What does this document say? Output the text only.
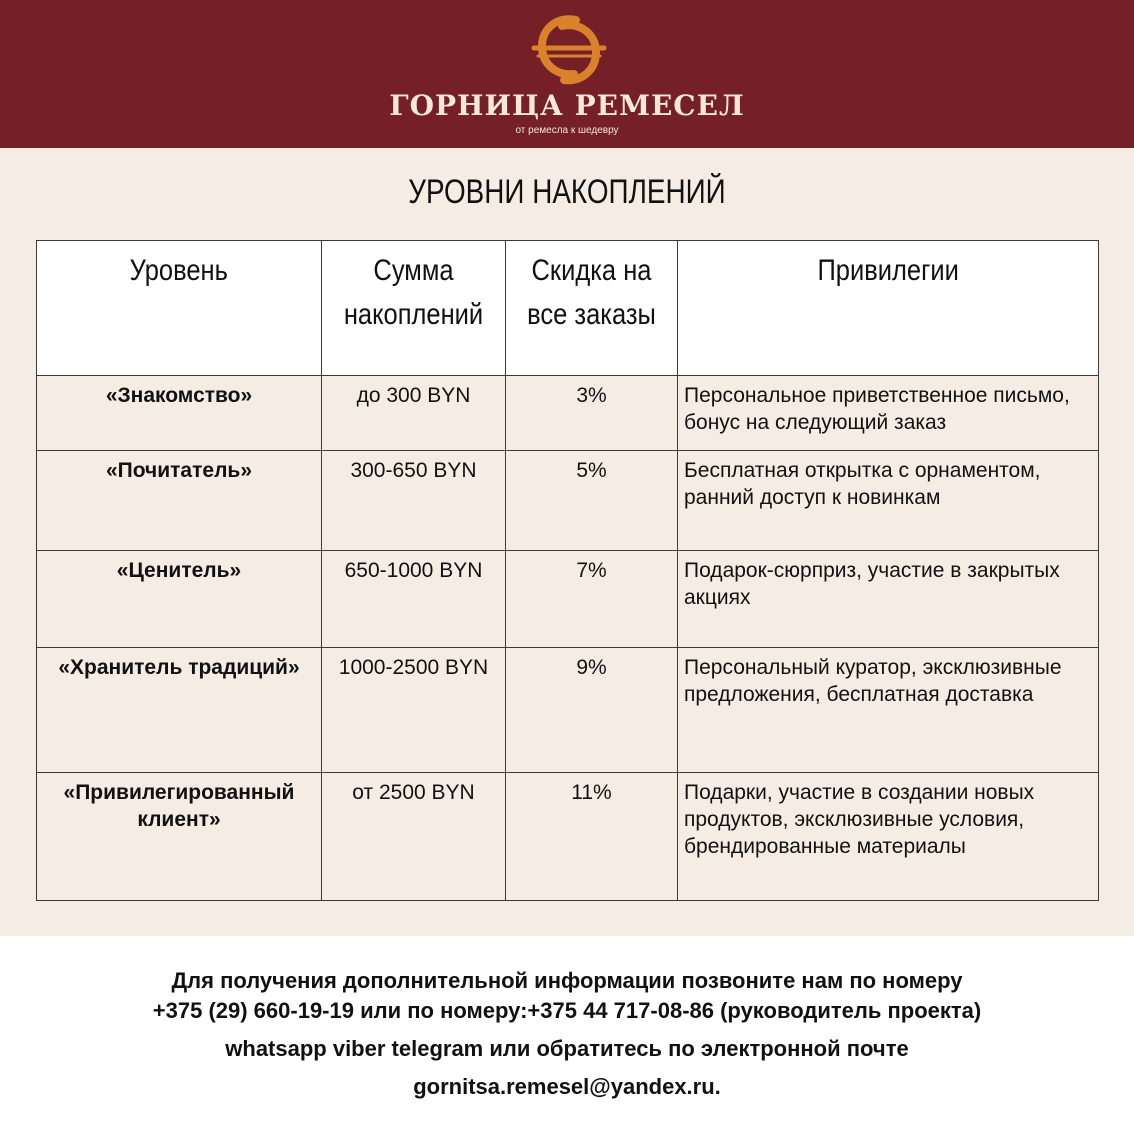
ГОРНИЦА РЕМЕСЕЛ
от ремесла к шедевру
УРОВНИ НАКОПЛЕНИЙ
Уровень	Сумма накоплений	Скидка на все заказы	Привилегии
«Знакомство»	до 300 BYN	3%	Персональное приветственное письмо, бонус на следующий заказ
«Почитатель»	300-650 BYN	5%	Бесплатная открытка с орнаментом, ранний доступ к новинкам
«Ценитель»	650-1000 BYN	7%	Подарок-сюрприз, участие в закрытых акциях
«Хранитель традиций»	1000-2500 BYN	9%	Персональный куратор, эксклюзивные предложения, бесплатная доставка
«Привилегированный клиент»	от 2500 BYN	11%	Подарки, участие в создании новых продуктов, эксклюзивные условия, брендированные материалы
Для получения дополнительной информации позвоните нам по номеру
+375 (29) 660-19-19 или по номеру:+375 44 717-08-86 (руководитель проекта)
whatsapp viber telegram или обратитесь по электронной почте
gornitsa.remesel@yandex.ru.
